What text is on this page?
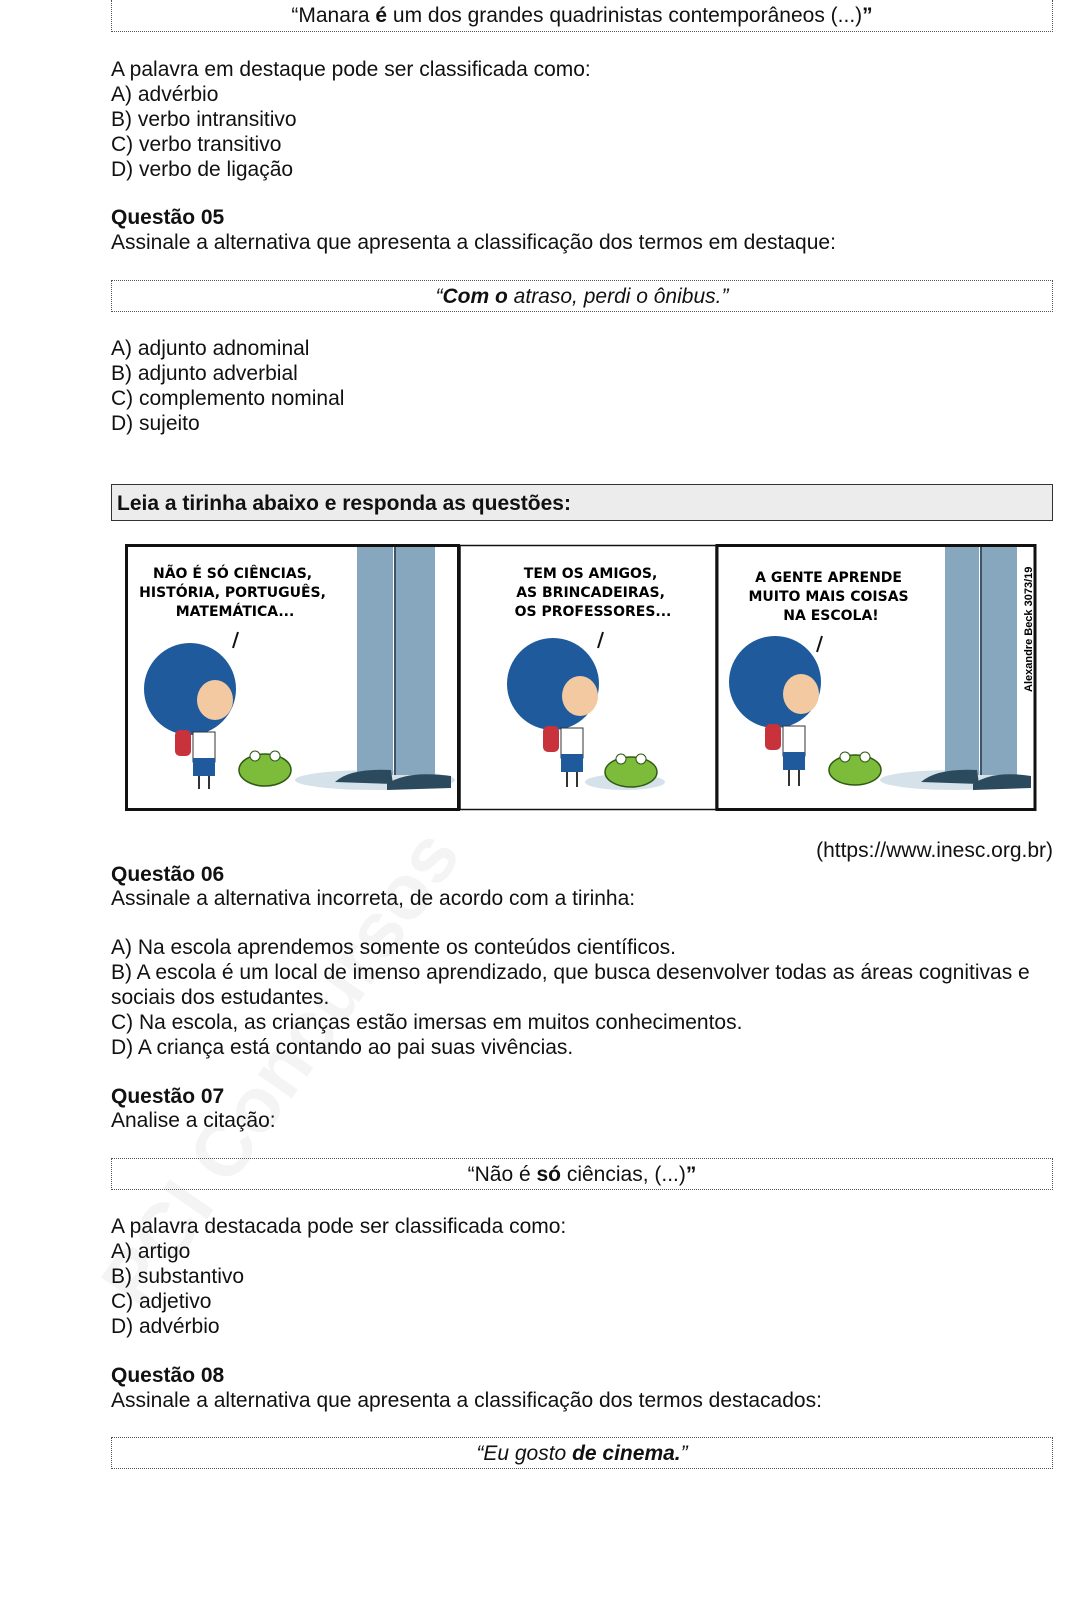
“Manara é um dos grandes quadrinistas contemporâneos (...)”
A palavra em destaque pode ser classificada como:
A) advérbio
B) verbo intransitivo
C) verbo transitivo
D) verbo de ligação
Questão 05
Assinale a alternativa que apresenta a classificação dos termos em destaque:
“Com o atraso, perdi o ônibus.”
A) adjunto adnominal
B) adjunto adverbial
C) complemento nominal
D) sujeito
Leia a tirinha abaixo e responda as questões:
NÃO É SÓ CIÊNCIAS, HISTÓRIA, PORTUGUÊS, MATEMÁTICA...
TEM OS AMIGOS, AS BRINCADEIRAS, OS PROFESSORES...
A GENTE APRENDE MUITO MAIS COISAS NA ESCOLA!	Alexandre Beck 3073/19
(https://www.inesc.org.br)
Questão 06
Assinale a alternativa incorreta, de acordo com a tirinha:
A) Na escola aprendemos somente os conteúdos científicos.
B) A escola é um local de imenso aprendizado, que busca desenvolver todas as áreas cognitivas e
sociais dos estudantes.
C) Na escola, as crianças estão imersas em muitos conhecimentos.
D) A criança está contando ao pai suas vivências.
Questão 07
Analise a citação:
“Não é só ciências, (...)”
A palavra destacada pode ser classificada como:
A) artigo
B) substantivo
C) adjetivo
D) advérbio
Questão 08
Assinale a alternativa que apresenta a classificação dos termos destacados:
“Eu gosto de cinema.”
